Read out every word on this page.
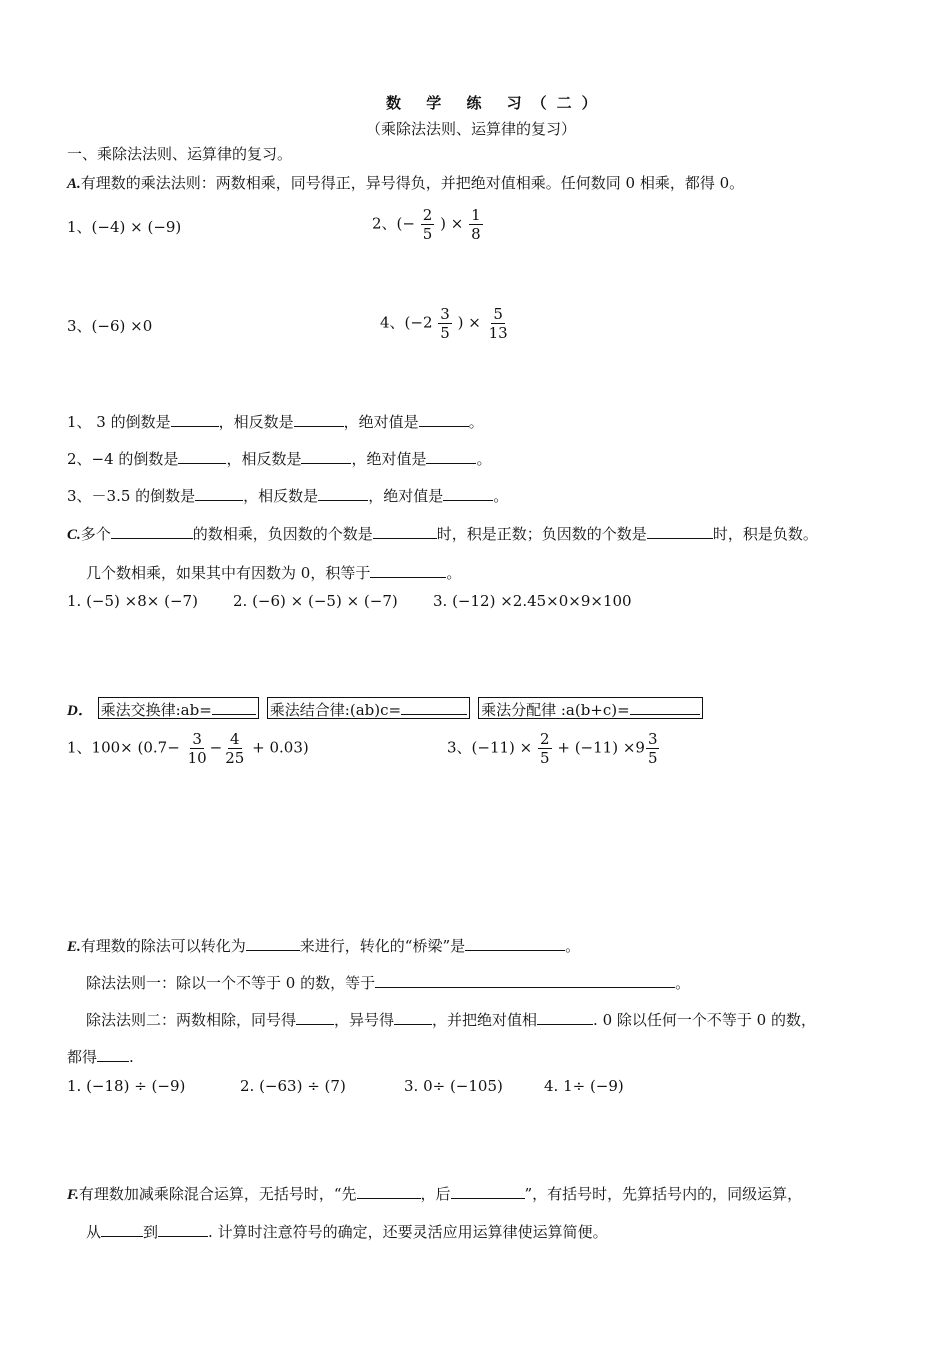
数 学 练 习（二）
（乘除法法则、运算律的复习）
一、乘除法法则、运算律的复习。
A.有理数的乘法法则：两数相乘，同号得正，异号得负，并把绝对值相乘。任何数同 0 相乘，都得 0。
1、(−4) × (−9)	2、(− $\frac{2}{5}$ ) × $\frac{1}{8}$
3、(−6) ×0	4、($-2 \frac{3}{5}$ ) × $\frac{5}{13}$
1、 3 的倒数是	，相反数是	，绝对值是	。
2、−4 的倒数是	，相反数是	，绝对值是	。
3、－3.5 的倒数是	，相反数是	，绝对值是	。
C.多个	的数相乘，负因数的个数是	时，积是正数；负因数的个数是	时，积是负数。
几个数相乘，如果其中有因数为 0，积等于	。
1. (−5) ×8× (−7) 2. (−6) × (−5) × (−7) 3. (−12) ×2.45×0×9×100
D． 乘法交换律:ab=	乘法结合律:(ab)c=	乘法分配律 :a(b+c)=
1、$100\times (0.7- \frac{3}{10} - \frac{4}{25} + 0.03)$	3、$(-11) \times \frac{2}{5} + (-11) \times 9 \frac{3}{5}$
E.有理数的除法可以转化为	来进行，转化的“桥梁”是	。
除法法则一：除以一个不等于 0 的数，等于	。
除法法则二：两数相除，同号得	，异号得	，并把绝对值相	. 0 除以任何一个不等于 0 的数，
都得 .
1. (−18) ÷ (−9)	2. (−63) ÷ (7)	3. 0÷ (−105)	4. 1÷ (−9)
F.有理数加减乘除混合运算，无括号时，“先	，后	”，有括号时，先算括号内的，同级运算，
从	到	. 计算时注意符号的确定，还要灵活应用运算律使运算简便。
